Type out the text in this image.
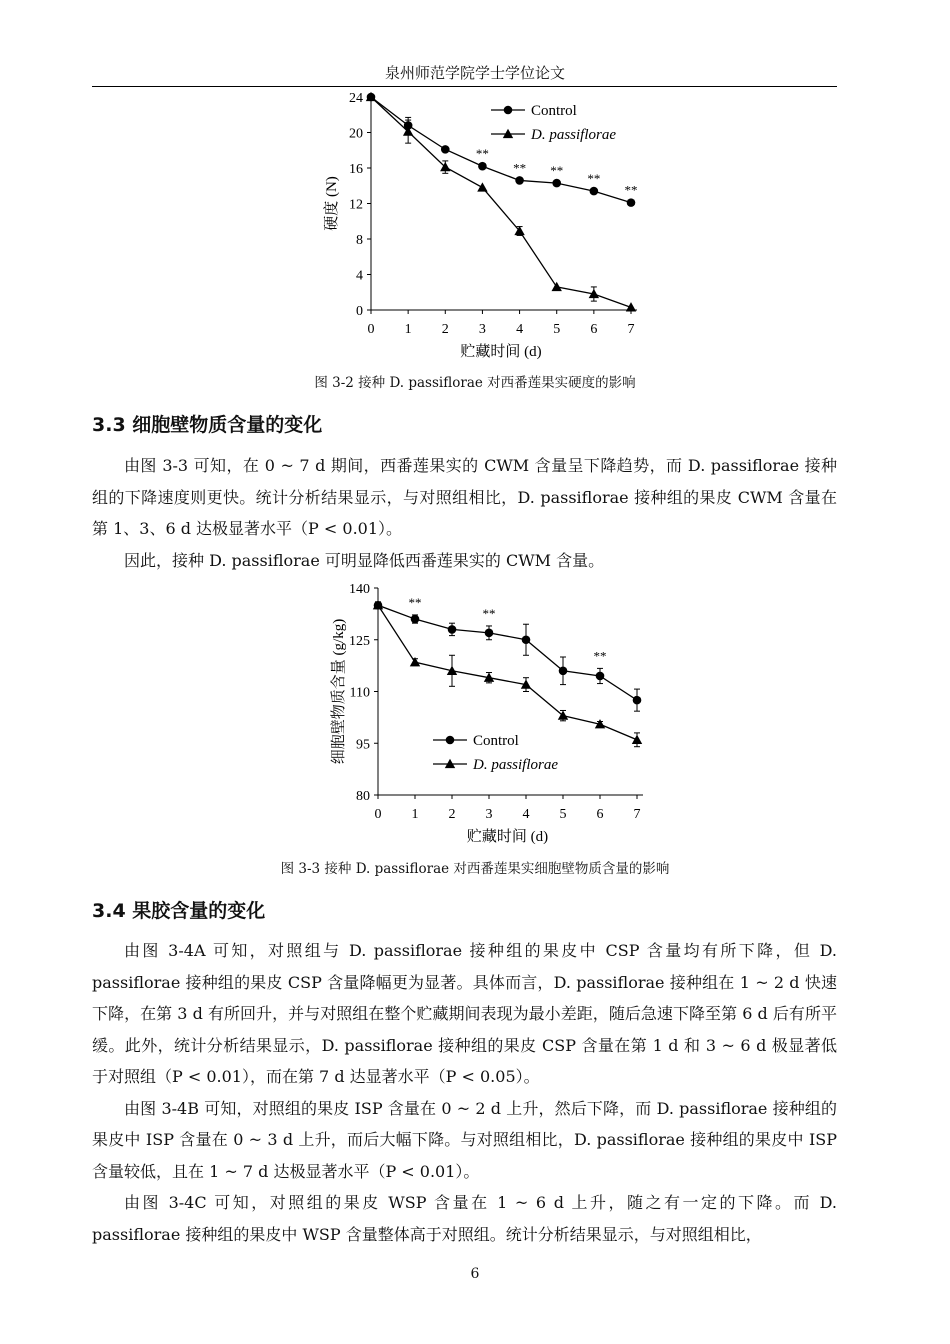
泉州师范学院学士学位论文
0
4
8
12
16
20
24
0 1 2 3 4 5 6 7
贮藏时间 (d)
硬度 (N)
**
** **
**
**
Control
D. passiflorae
图 3-2 接种 D. passiflorae 对西番莲果实硬度的影响
3.3 细胞壁物质含量的变化

由图 3-3 可知，在 0 ~ 7 d 期间，西番莲果实的 CWM 含量呈下降趋势，而 D. passiflorae 接种组的下降速度则更快。统计分析结果显示，与对照组相比，D. passiflorae 接种组的果皮 CWM 含量在第 1、3、6 d 达极显著水平（P < 0.01）。

因此，接种 D. passiflorae 可明显降低西番莲果实的 CWM 含量。

80
95
110
125
140
0 1 2 3 4 5 6 7
贮藏时间 (d)
细胞壁物质含量 (g/kg)
**
**
**
Control
D. passiflorae
图 3-3 接种 D. passiflorae 对西番莲果实细胞壁物质含量的影响
3.4 果胶含量的变化

由图 3-4A 可知，对照组与 D. passiflorae 接种组的果皮中 CSP 含量均有所下降，但 D. passiflorae 接种组的果皮 CSP 含量降幅更为显著。具体而言，D. passiflorae 接种组在 1 ~ 2 d 快速下降，在第 3 d 有所回升，并与对照组在整个贮藏期间表现为最小差距，随后急速下降至第 6 d 后有所平缓。此外，统计分析结果显示，D. passiflorae 接种组的果皮 CSP 含量在第 1 d 和 3 ~ 6 d 极显著低于对照组（P < 0.01），而在第 7 d 达显著水平（P < 0.05）。

由图 3-4B 可知，对照组的果皮 ISP 含量在 0 ~ 2 d 上升，然后下降，而 D. passiflorae 接种组的果皮中 ISP 含量在 0 ~ 3 d 上升，而后大幅下降。与对照组相比，D. passiflorae 接种组的果皮中 ISP 含量较低，且在 1 ~ 7 d 达极显著水平（P < 0.01）。

由图 3-4C 可知，对照组的果皮 WSP 含量在 1 ~ 6 d 上升，随之有一定的下降。而 D. passiflorae 接种组的果皮中 WSP 含量整体高于对照组。统计分析结果显示，与对照组相比，

6
